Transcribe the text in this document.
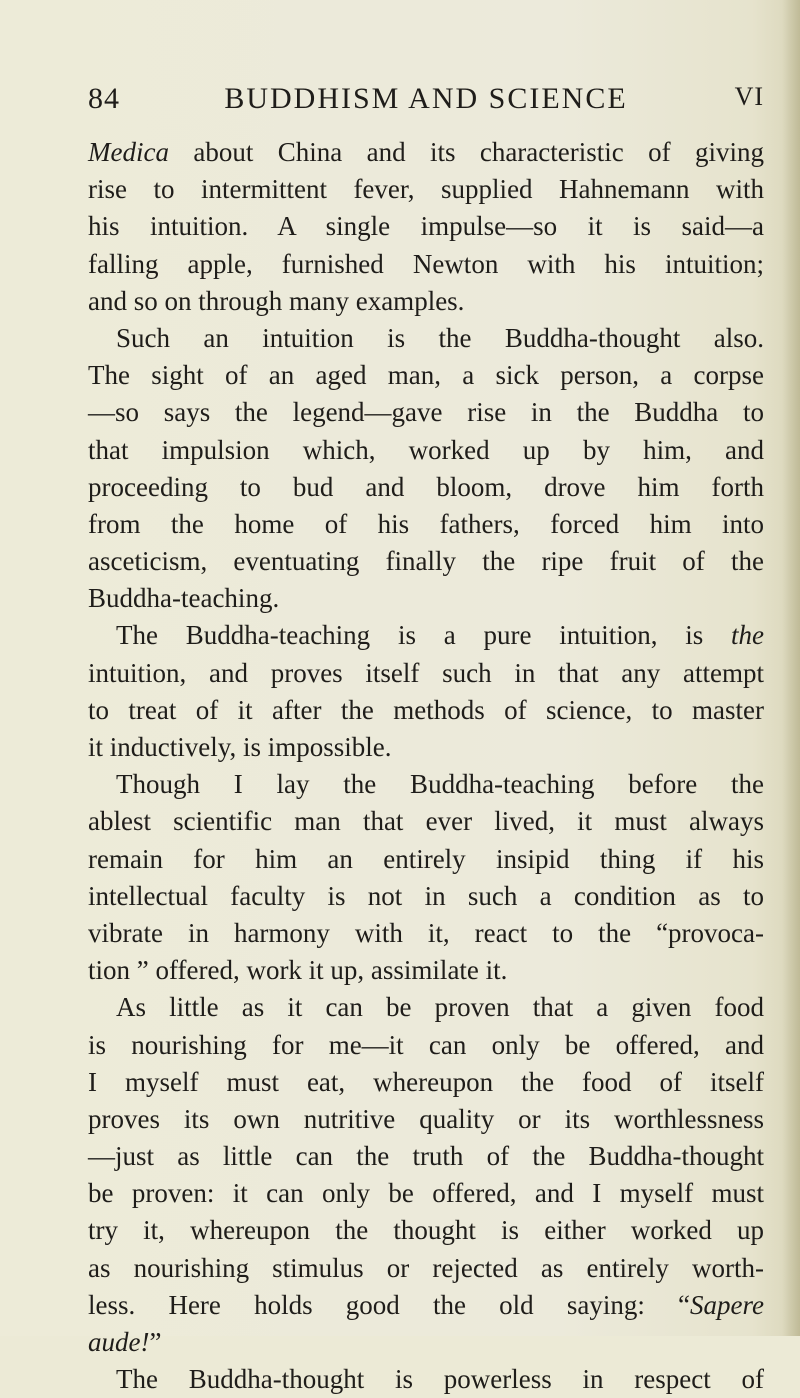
84	BUDDHISM AND SCIENCE	VI
Medica about China and its characteristic of giving
rise to intermittent fever, supplied Hahnemann with
his intuition. A single impulse—so it is said—a
falling apple, furnished Newton with his intuition;
and so on through many examples.
Such an intuition is the Buddha-thought also.
The sight of an aged man, a sick person, a corpse
—so says the legend—gave rise in the Buddha to
that impulsion which, worked up by him, and
proceeding to bud and bloom, drove him forth
from the home of his fathers, forced him into
asceticism, eventuating finally the ripe fruit of the
Buddha-teaching.
The Buddha-teaching is a pure intuition, is the
intuition, and proves itself such in that any attempt
to treat of it after the methods of science, to master
it inductively, is impossible.
Though I lay the Buddha-teaching before the
ablest scientific man that ever lived, it must always
remain for him an entirely insipid thing if his
intellectual faculty is not in such a condition as to
vibrate in harmony with it, react to the “provoca-
tion ” offered, work it up, assimilate it.
As little as it can be proven that a given food
is nourishing for me—it can only be offered, and
I myself must eat, whereupon the food of itself
proves its own nutritive quality or its worthlessness
—just as little can the truth of the Buddha-thought
be proven: it can only be offered, and I myself must
try it, whereupon the thought is either worked up
as nourishing stimulus or rejected as entirely worth-
less. Here holds good the old saying: “Sapere
aude!”
The Buddha-thought is powerless in respect of
